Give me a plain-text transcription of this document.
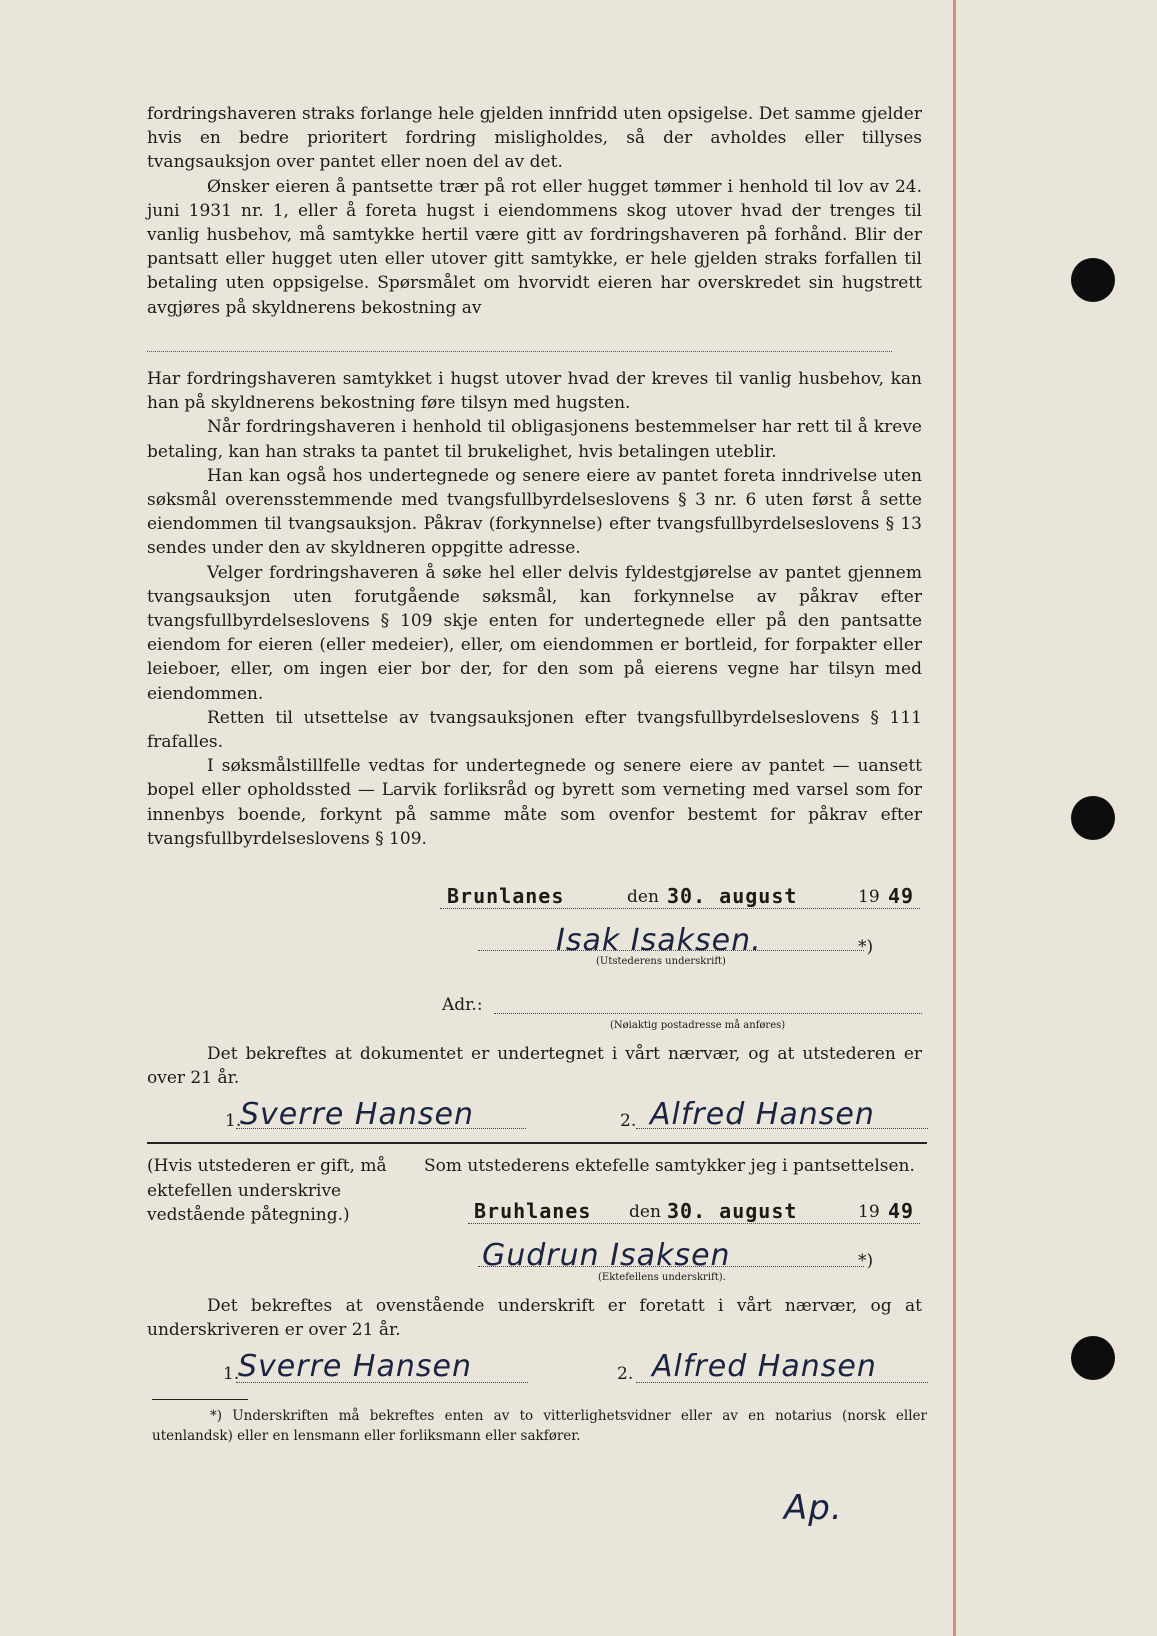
fordringshaveren straks forlange hele gjelden innfridd uten opsigelse. Det samme gjelder hvis en bedre prioritert fordring misligholdes, så der avholdes eller tillyses tvangsauksjon over pantet eller noen del av det.

Ønsker eieren å pantsette trær på rot eller hugget tømmer i henhold til lov av 24. juni 1931 nr. 1, eller å foreta hugst i eiendommens skog utover hvad der trenges til vanlig husbehov, må samtykke hertil være gitt av fordringshaveren på forhånd. Blir der pantsatt eller hugget uten eller utover gitt samtykke, er hele gjelden straks forfallen til betaling uten oppsigelse. Spørsmålet om hvorvidt eieren har overskredet sin hugstrett avgjøres på skyldnerens bekostning av

Har fordringshaveren samtykket i hugst utover hvad der kreves til vanlig husbehov, kan han på skyldnerens bekostning føre tilsyn med hugsten.

Når fordringshaveren i henhold til obligasjonens bestemmelser har rett til å kreve betaling, kan han straks ta pantet til brukelighet, hvis betalingen uteblir.

Han kan også hos undertegnede og senere eiere av pantet foreta inndrivelse uten søksmål overensstemmende med tvangsfullbyrdelseslovens § 3 nr. 6 uten først å sette eiendommen til tvangsauksjon. Påkrav (forkynnelse) efter tvangsfullbyrdelseslovens § 13 sendes under den av skyldneren oppgitte adresse.

Velger fordringshaveren å søke hel eller delvis fyldestgjørelse av pantet gjennem tvangsauksjon uten forutgående søksmål, kan forkynnelse av påkrav efter tvangsfullbyrdelseslovens § 109 skje enten for undertegnede eller på den pantsatte eiendom for eieren (eller medeier), eller, om eiendommen er bortleid, for forpakter eller leieboer, eller, om ingen eier bor der, for den som på eierens vegne har tilsyn med eiendommen.

Retten til utsettelse av tvangsauksjonen efter tvangsfullbyrdelseslovens § 111 frafalles.

I søksmålstillfelle vedtas for undertegnede og senere eiere av pantet — uansett bopel eller opholdssted — Larvik forliksråd og byrett som verneting med varsel som for innenbys boende, forkynt på samme måte som ovenfor bestemt for påkrav efter tvangsfullbyrdelseslovens § 109.

Brunlanes	den 30. august	19 49
Isak Isaksen.	*)
(Utstederens underskrift)
Adr.:
(Nøiaktig postadresse må anføres)

Det bekreftes at dokumentet er undertegnet i vårt nærvær, og at utstederen er over 21 år.

1.
Sverre Hansen	2. Alfred Hansen
(Hvis utstederen er gift, må ektefellen underskrive vedstående påtegning.)
Som utstederens ektefelle samtykker jeg i pantsettelsen.
Bruhlanes den 30. august	19 49
Gudrun Isaksen	*)
(Ektefellens underskrift).

Det bekreftes at ovenstående underskrift er foretatt i vårt nærvær, og at underskriveren er over 21 år.

1.
Sverre Hansen	2. Alfred Hansen
*) Underskriften må bekreftes enten av to vitterlighetsvidner eller av en notarius (norsk eller utenlandsk) eller en lensmann eller forliksmann eller sakfører.
Ap.
